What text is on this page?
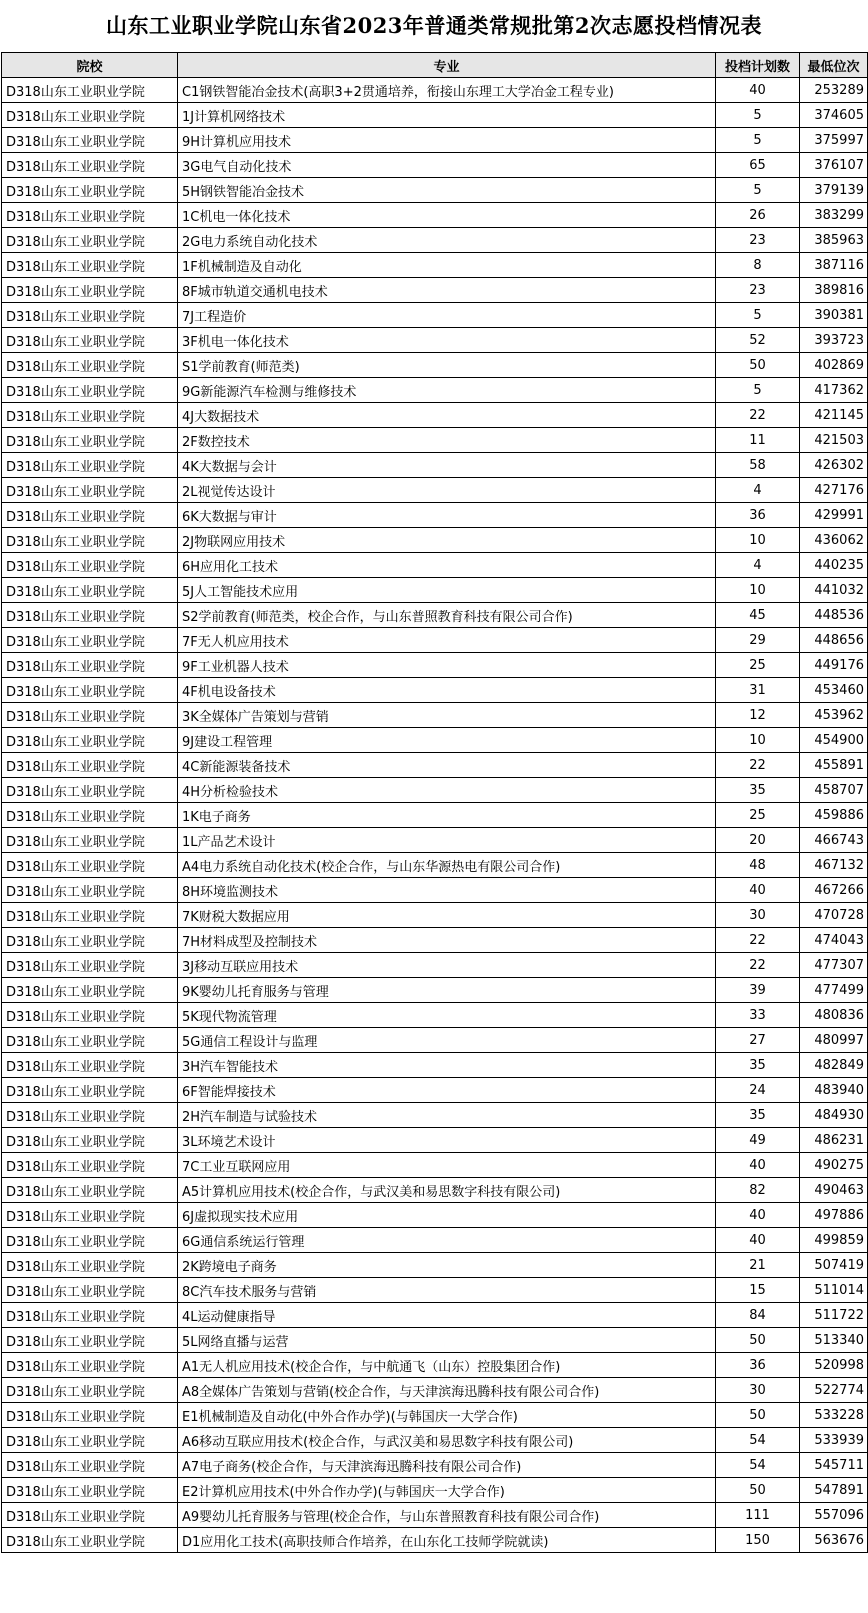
山东工业职业学院山东省2023年普通类常规批第2次志愿投档情况表
院校	专业	投档计划数	最低位次
D318山东工业职业学院	C1钢铁智能冶金技术(高职3+2贯通培养，衔接山东理工大学冶金工程专业)	40	253289
D318山东工业职业学院	1J计算机网络技术	5	374605
D318山东工业职业学院	9H计算机应用技术	5	375997
D318山东工业职业学院	3G电气自动化技术	65	376107
D318山东工业职业学院	5H钢铁智能冶金技术	5	379139
D318山东工业职业学院	1C机电一体化技术	26	383299
D318山东工业职业学院	2G电力系统自动化技术	23	385963
D318山东工业职业学院	1F机械制造及自动化	8	387116
D318山东工业职业学院	8F城市轨道交通机电技术	23	389816
D318山东工业职业学院	7J工程造价	5	390381
D318山东工业职业学院	3F机电一体化技术	52	393723
D318山东工业职业学院	S1学前教育(师范类)	50	402869
D318山东工业职业学院	9G新能源汽车检测与维修技术	5	417362
D318山东工业职业学院	4J大数据技术	22	421145
D318山东工业职业学院	2F数控技术	11	421503
D318山东工业职业学院	4K大数据与会计	58	426302
D318山东工业职业学院	2L视觉传达设计	4	427176
D318山东工业职业学院	6K大数据与审计	36	429991
D318山东工业职业学院	2J物联网应用技术	10	436062
D318山东工业职业学院	6H应用化工技术	4	440235
D318山东工业职业学院	5J人工智能技术应用	10	441032
D318山东工业职业学院	S2学前教育(师范类，校企合作，与山东普照教育科技有限公司合作)	45	448536
D318山东工业职业学院	7F无人机应用技术	29	448656
D318山东工业职业学院	9F工业机器人技术	25	449176
D318山东工业职业学院	4F机电设备技术	31	453460
D318山东工业职业学院	3K全媒体广告策划与营销	12	453962
D318山东工业职业学院	9J建设工程管理	10	454900
D318山东工业职业学院	4C新能源装备技术	22	455891
D318山东工业职业学院	4H分析检验技术	35	458707
D318山东工业职业学院	1K电子商务	25	459886
D318山东工业职业学院	1L产品艺术设计	20	466743
D318山东工业职业学院	A4电力系统自动化技术(校企合作，与山东华源热电有限公司合作)	48	467132
D318山东工业职业学院	8H环境监测技术	40	467266
D318山东工业职业学院	7K财税大数据应用	30	470728
D318山东工业职业学院	7H材料成型及控制技术	22	474043
D318山东工业职业学院	3J移动互联应用技术	22	477307
D318山东工业职业学院	9K婴幼儿托育服务与管理	39	477499
D318山东工业职业学院	5K现代物流管理	33	480836
D318山东工业职业学院	5G通信工程设计与监理	27	480997
D318山东工业职业学院	3H汽车智能技术	35	482849
D318山东工业职业学院	6F智能焊接技术	24	483940
D318山东工业职业学院	2H汽车制造与试验技术	35	484930
D318山东工业职业学院	3L环境艺术设计	49	486231
D318山东工业职业学院	7C工业互联网应用	40	490275
D318山东工业职业学院	A5计算机应用技术(校企合作，与武汉美和易思数字科技有限公司)	82	490463
D318山东工业职业学院	6J虚拟现实技术应用	40	497886
D318山东工业职业学院	6G通信系统运行管理	40	499859
D318山东工业职业学院	2K跨境电子商务	21	507419
D318山东工业职业学院	8C汽车技术服务与营销	15	511014
D318山东工业职业学院	4L运动健康指导	84	511722
D318山东工业职业学院	5L网络直播与运营	50	513340
D318山东工业职业学院	A1无人机应用技术(校企合作，与中航通飞（山东）控股集团合作)	36	520998
D318山东工业职业学院	A8全媒体广告策划与营销(校企合作，与天津滨海迅腾科技有限公司合作)	30	522774
D318山东工业职业学院	E1机械制造及自动化(中外合作办学)(与韩国庆一大学合作)	50	533228
D318山东工业职业学院	A6移动互联应用技术(校企合作，与武汉美和易思数字科技有限公司)	54	533939
D318山东工业职业学院	A7电子商务(校企合作，与天津滨海迅腾科技有限公司合作)	54	545711
D318山东工业职业学院	E2计算机应用技术(中外合作办学)(与韩国庆一大学合作)	50	547891
D318山东工业职业学院	A9婴幼儿托育服务与管理(校企合作，与山东普照教育科技有限公司合作)	111	557096
D318山东工业职业学院	D1应用化工技术(高职技师合作培养，在山东化工技师学院就读)	150	563676
